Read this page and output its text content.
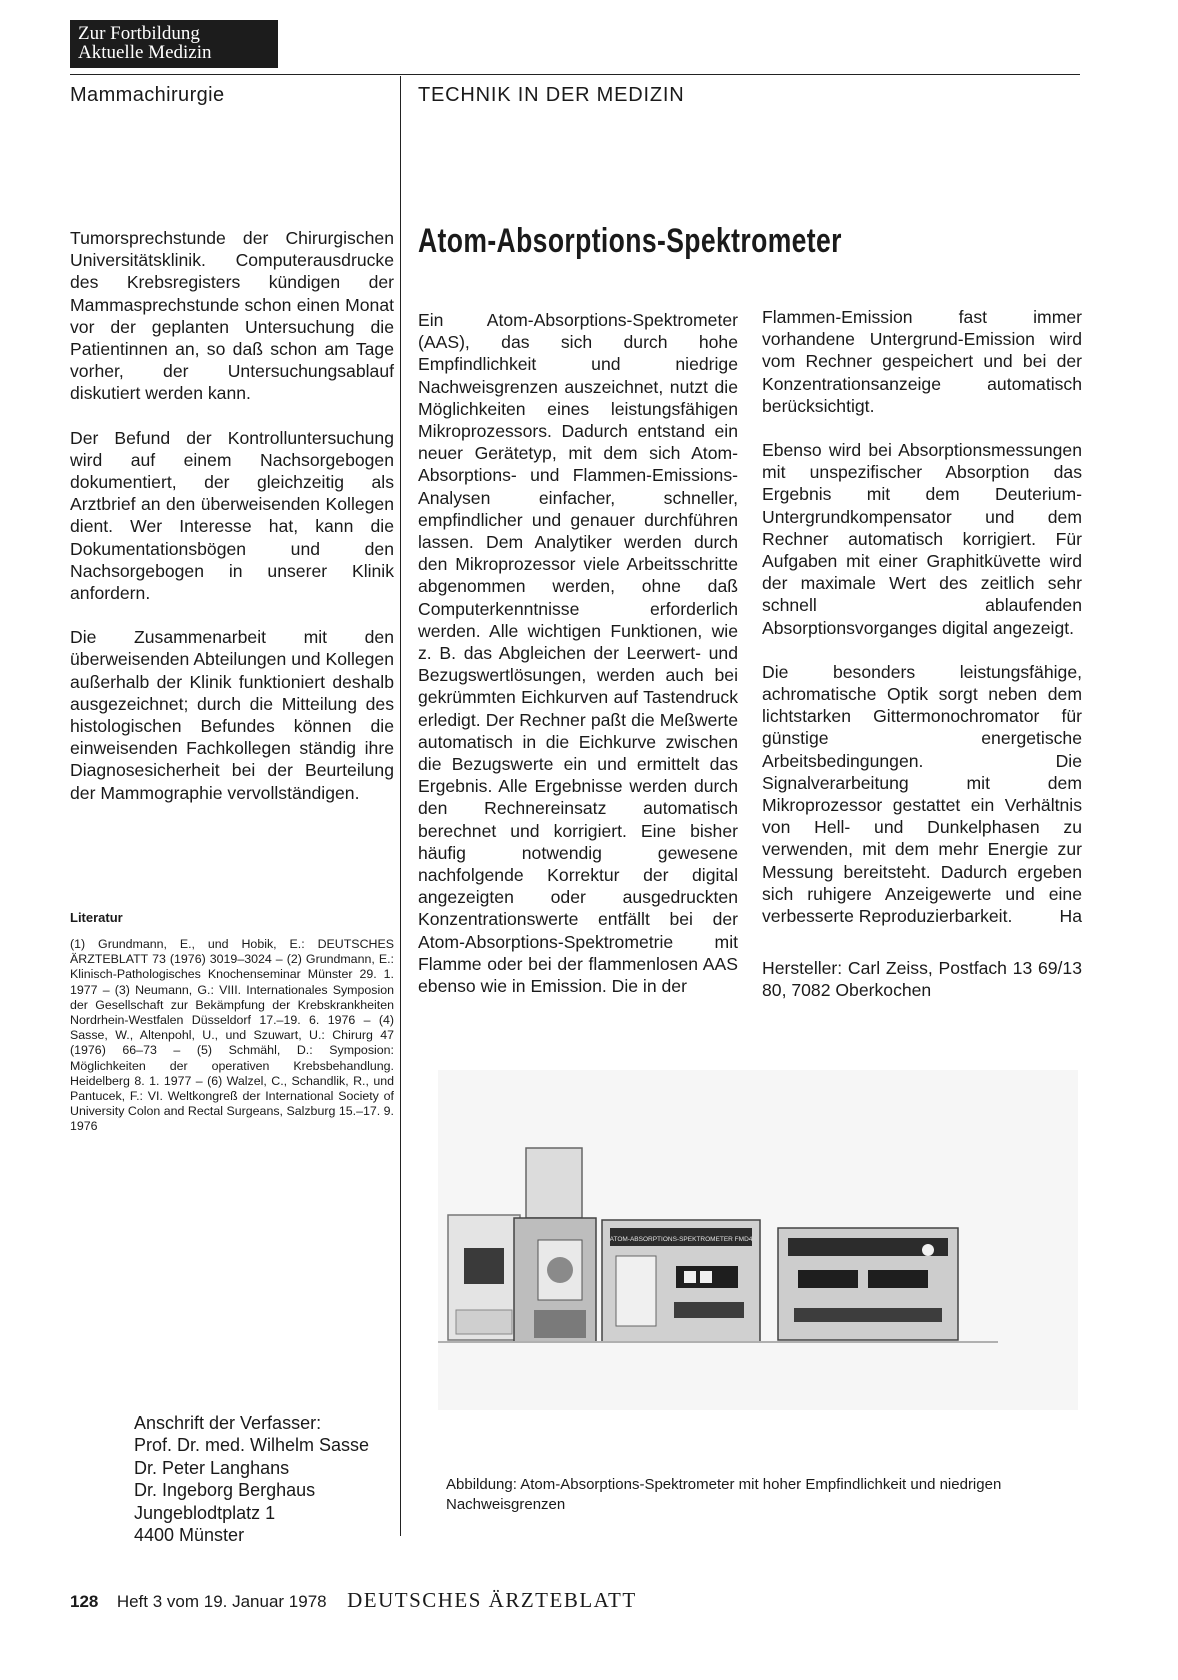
Zur Fortbildung
Aktuelle Medizin
Mammachirurgie	TECHNIK IN DER MEDIZIN
Atom-Absorptions-Spektrometer

Tumorsprechstunde der Chirurgischen Universitätsklinik. Computerausdrucke des Krebsregisters kündigen der Mammasprechstunde schon einen Monat vor der geplanten Untersuchung die Patientinnen an, so daß schon am Tage vorher, der Untersuchungsablauf diskutiert werden kann.

Der Befund der Kontrolluntersuchung wird auf einem Nachsorgebogen dokumentiert, der gleichzeitig als Arztbrief an den überweisenden Kollegen dient. Wer Interesse hat, kann die Dokumentationsbögen und den Nachsorgebogen in unserer Klinik anfordern.

Die Zusammenarbeit mit den überweisenden Abteilungen und Kollegen außerhalb der Klinik funktioniert deshalb ausgezeichnet; durch die Mitteilung des histologischen Befundes können die einweisenden Fachkollegen ständig ihre Diagnosesicherheit bei der Beurteilung der Mammographie vervollständigen.

Literatur
(1) Grundmann, E., und Hobik, E.: DEUTSCHES ÄRZTEBLATT 73 (1976) 3019–3024 – (2) Grundmann, E.: Klinisch-Pathologisches Knochenseminar Münster 29. 1. 1977 – (3) Neumann, G.: VIII. Internationales Symposion der Gesellschaft zur Bekämpfung der Krebskrankheiten Nordrhein-Westfalen Düsseldorf 17.–19. 6. 1976 – (4) Sasse, W., Altenpohl, U., und Szuwart, U.: Chirurg 47 (1976) 66–73 – (5) Schmähl, D.: Symposion: Möglichkeiten der operativen Krebsbehandlung. Heidelberg 8. 1. 1977 – (6) Walzel, C., Schandlik, R., und Pantucek, F.: VI. Weltkongreß der International Society of University Colon and Rectal Surgeans, Salzburg 15.–17. 9. 1976
Anschrift der Verfasser:
Prof. Dr. med. Wilhelm Sasse
Dr. Peter Langhans
Dr. Ingeborg Berghaus
Jungeblodtplatz 1
4400 Münster

Ein Atom-Absorptions-Spektrometer (AAS), das sich durch hohe Empfindlichkeit und niedrige Nachweisgrenzen auszeichnet, nutzt die Möglichkeiten eines leistungsfähigen Mikroprozessors. Dadurch entstand ein neuer Gerätetyp, mit dem sich Atom-Absorptions- und Flammen-Emissions-Analysen einfacher, schneller, empfindlicher und genauer durchführen lassen. Dem Analytiker werden durch den Mikroprozessor viele Arbeitsschritte abgenommen werden, ohne daß Computerkenntnisse erforderlich werden. Alle wichtigen Funktionen, wie z. B. das Abgleichen der Leerwert- und Bezugswertlösungen, werden auch bei gekrümmten Eichkurven auf Tastendruck erledigt. Der Rechner paßt die Meßwerte automatisch in die Eichkurve zwischen die Bezugswerte ein und ermittelt das Ergebnis. Alle Ergebnisse werden durch den Rechnereinsatz automatisch berechnet und korrigiert. Eine bisher häufig notwendig gewesene nachfolgende Korrektur der digital angezeigten oder ausgedruckten Konzentrationswerte entfällt bei der Atom-Absorptions-Spektrometrie mit Flamme oder bei der flammenlosen AAS ebenso wie in Emission. Die in der

Flammen-Emission fast immer vorhandene Untergrund-Emission wird vom Rechner gespeichert und bei der Konzentrationsanzeige automatisch berücksichtigt.

Ebenso wird bei Absorptionsmessungen mit unspezifischer Absorption das Ergebnis mit dem Deuterium-Untergrundkompensator und dem Rechner automatisch korrigiert. Für Aufgaben mit einer Graphitküvette wird der maximale Wert des zeitlich sehr schnell ablaufenden Absorptionsvorganges digital angezeigt.

Die besonders leistungsfähige, achromatische Optik sorgt neben dem lichtstarken Gittermonochromator für günstige energetische Arbeitsbedingungen. Die Signalverarbeitung mit dem Mikroprozessor gestattet ein Verhältnis von Hell- und Dunkelphasen zu verwenden, mit dem mehr Energie zur Messung bereitsteht. Dadurch ergeben sich ruhigere Anzeigewerte und eine verbesserte Reproduzierbarkeit.	Ha

Hersteller: Carl Zeiss, Postfach 13 69/13 80, 7082 Oberkochen

ATOM-ABSORPTIONS-SPEKTROMETER FMD4
Abbildung: Atom-Absorptions-Spektrometer mit hoher Empfindlichkeit und niedrigen Nachweisgrenzen
128 Heft 3 vom 19. Januar 1978 DEUTSCHES ÄRZTEBLATT
